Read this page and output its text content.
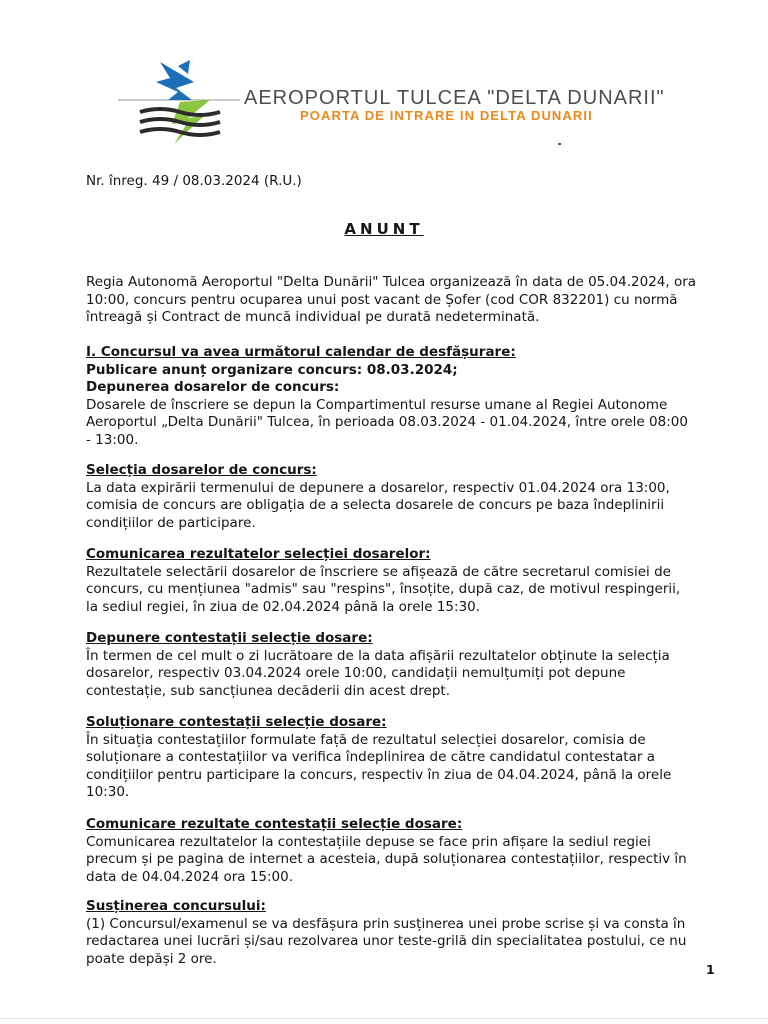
AEROPORTUL TULCEA "DELTA DUNARII"
POARTA DE INTRARE IN DELTA DUNARII
Nr. înreg. 49 / 08.03.2024 (R.U.)
ANUNT

Regia Autonomă Aeroportul "Delta Dunării" Tulcea organizează în data de 05.04.2024, ora

10:00, concurs pentru ocuparea unui post vacant de Șofer (cod COR 832201) cu normă

întreagă și Contract de muncă individual pe durată nedeterminată.

I. Concursul va avea următorul calendar de desfășurare:

Publicare anunț organizare concurs: 08.03.2024;

Depunerea dosarelor de concurs:

Dosarele de înscriere se depun la Compartimentul resurse umane al Regiei Autonome

Aeroportul „Delta Dunării" Tulcea, în perioada 08.03.2024 - 01.04.2024, între orele 08:00

- 13:00.

Selecția dosarelor de concurs:

La data expirării termenului de depunere a dosarelor, respectiv 01.04.2024 ora 13:00,

comisia de concurs are obligația de a selecta dosarele de concurs pe baza îndeplinirii

condițiilor de participare.

Comunicarea rezultatelor selecției dosarelor:

Rezultatele selectării dosarelor de înscriere se afișează de către secretarul comisiei de

concurs, cu mențiunea "admis" sau "respins", însoțite, după caz, de motivul respingerii,

la sediul regiei, în ziua de 02.04.2024 până la orele 15:30.

Depunere contestații selecție dosare:

În termen de cel mult o zi lucrătoare de la data afișării rezultatelor obținute la selecția

dosarelor, respectiv 03.04.2024 orele 10:00, candidații nemulțumiți pot depune

contestație, sub sancțiunea decăderii din acest drept.

Soluționare contestații selecție dosare:

În situația contestațiilor formulate față de rezultatul selecției dosarelor, comisia de

soluționare a contestațiilor va verifica îndeplinirea de către candidatul contestatar a

condițiilor pentru participare la concurs, respectiv în ziua de 04.04.2024, până la orele

10:30.

Comunicare rezultate contestații selecție dosare:

Comunicarea rezultatelor la contestațiile depuse se face prin afișare la sediul regiei

precum și pe pagina de internet a acesteia, după soluționarea contestațiilor, respectiv în

data de 04.04.2024 ora 15:00.

Susținerea concursului:

(1) Concursul/examenul se va desfășura prin susținerea unei probe scrise și va consta în

redactarea unei lucrări și/sau rezolvarea unor teste-grilă din specialitatea postului, ce nu

poate depăși 2 ore.

1
